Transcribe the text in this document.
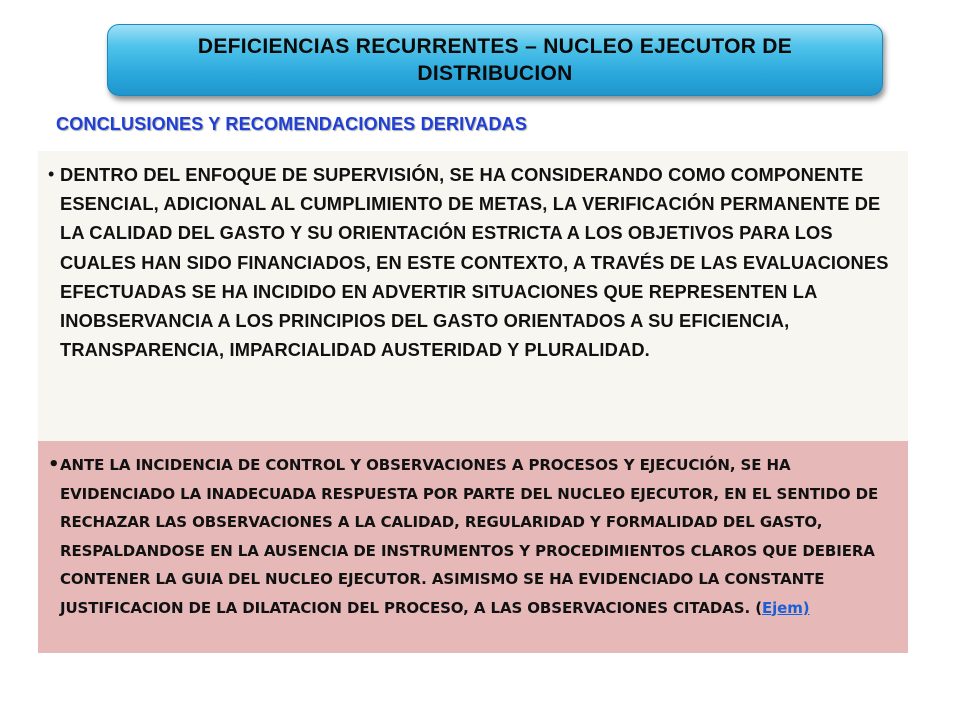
DEFICIENCIAS RECURRENTES – NUCLEO EJECUTOR DE DISTRIBUCION
CONCLUSIONES Y RECOMENDACIONES DERIVADAS
• DENTRO DEL ENFOQUE DE SUPERVISIÓN, SE HA CONSIDERANDO COMO COMPONENTE ESENCIAL, ADICIONAL AL CUMPLIMIENTO DE METAS, LA VERIFICACIÓN PERMANENTE DE LA CALIDAD DEL GASTO Y SU ORIENTACIÓN ESTRICTA A LOS OBJETIVOS PARA LOS CUALES HAN SIDO FINANCIADOS, EN ESTE CONTEXTO, A TRAVÉS DE LAS EVALUACIONES EFECTUADAS SE HA INCIDIDO EN ADVERTIR SITUACIONES QUE REPRESENTEN LA INOBSERVANCIA A LOS PRINCIPIOS DEL GASTO ORIENTADOS A SU EFICIENCIA, TRANSPARENCIA, IMPARCIALIDAD AUSTERIDAD Y PLURALIDAD.
• ANTE LA INCIDENCIA DE CONTROL Y OBSERVACIONES A PROCESOS Y EJECUCIÓN, SE HA EVIDENCIADO LA INADECUADA RESPUESTA POR PARTE DEL NUCLEO EJECUTOR, EN EL SENTIDO DE RECHAZAR LAS OBSERVACIONES A LA CALIDAD, REGULARIDAD Y FORMALIDAD DEL GASTO, RESPALDANDOSE EN LA AUSENCIA DE INSTRUMENTOS Y PROCEDIMIENTOS CLAROS QUE DEBIERA CONTENER LA GUIA DEL NUCLEO EJECUTOR. ASIMISMO SE HA EVIDENCIADO LA CONSTANTE JUSTIFICACION DE LA DILATACION DEL PROCESO, A LAS OBSERVACIONES CITADAS. (Ejem)
